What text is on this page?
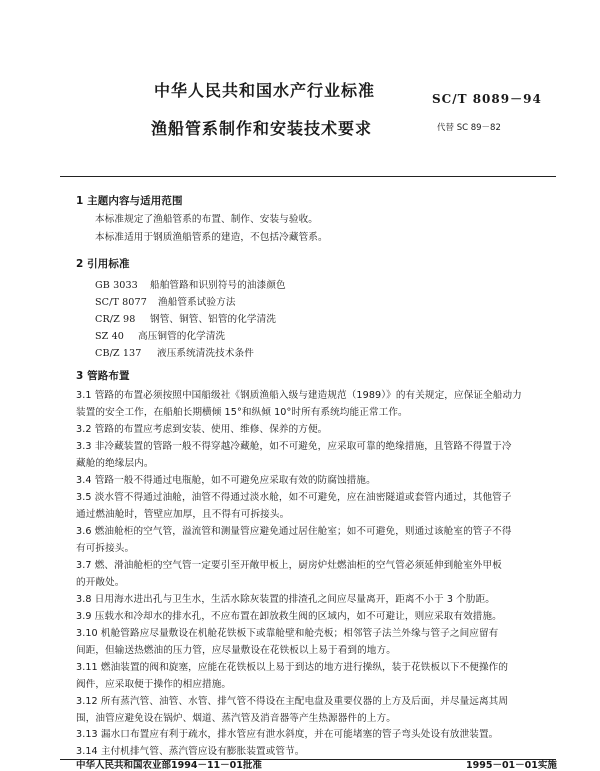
中华人民共和国水产行业标准	SC/T 8089－94
渔船管系制作和安装技术要求	代替 SC 89－82
1 主题内容与适用范围
本标准规定了渔船管系的布置、制作、安装与验收。
本标准适用于钢质渔船管系的建造，不包括冷藏管系。
2 引用标准
GB 3033 船舶管路和识别符号的油漆颜色
SC/T 8077 渔船管系试验方法
CR/Z 98 钢管、铜管、铝管的化学清洗
SZ 40 高压铜管的化学清洗
CB/Z 137 液压系统清洗技术条件
3 管路布置
3.1 管路的布置必须按照中国船级社《钢质渔船入级与建造规范（1989）》的有关规定，应保证全船动力
装置的安全工作，在船舶长期横倾 15°和纵倾 10°时所有系统均能正常工作。
3.2 管路的布置应考虑到安装、使用、维修、保养的方便。
3.3 非冷藏装置的管路一般不得穿越冷藏舱，如不可避免，应采取可靠的绝缘措施，且管路不得置于冷
藏舱的绝缘层内。
3.4 管路一般不得通过电瓶舱，如不可避免应采取有效的防腐蚀措施。
3.5 淡水管不得通过油舱，油管不得通过淡水舱，如不可避免，应在油密隧道或套管内通过，其他管子
通过燃油舱时，管壁应加厚，且不得有可拆接头。
3.6 燃油舱柜的空气管，溢流管和测量管应避免通过居住舱室；如不可避免，则通过该舱室的管子不得
有可拆接头。
3.7 燃、滑油舱柜的空气管一定要引至开敞甲板上，厨房炉灶燃油柜的空气管必须延伸到舱室外甲板
的开敞处。
3.8 日用海水进出孔与卫生水，生活水除灰装置的排渣孔之间应尽量离开，距离不小于 3 个肋距。
3.9 压载水和冷却水的排水孔，不应布置在卸放救生阀的区域内，如不可避让，则应采取有效措施。
3.10 机舱管路应尽量敷设在机舱花铁板下或靠舱壁和舱壳板；相邻管子法兰外缘与管子之间应留有
间距，但输送热燃油的压力管，应尽量敷设在花铁板以上易于看到的地方。
3.11 燃油装置的阀和旋塞，应能在花铁板以上易于到达的地方进行操纵，装于花铁板以下不便操作的
阀件，应采取便于操作的相应措施。
3.12 所有蒸汽管、油管、水管、排气管不得设在主配电盘及重要仪器的上方及后面，并尽量远离其周
围，油管应避免设在锅炉、烟道、蒸汽管及消音器等产生热源器件的上方。
3.13 漏水口布置应有利于疏水，排水管应有泄水斜度，并在可能堵塞的管子弯头处设有放泄装置。
3.14 主付机排气管、蒸汽管应设有膨胀装置或管节。
中华人民共和国农业部1994－11－01批准	1995－01－01实施
